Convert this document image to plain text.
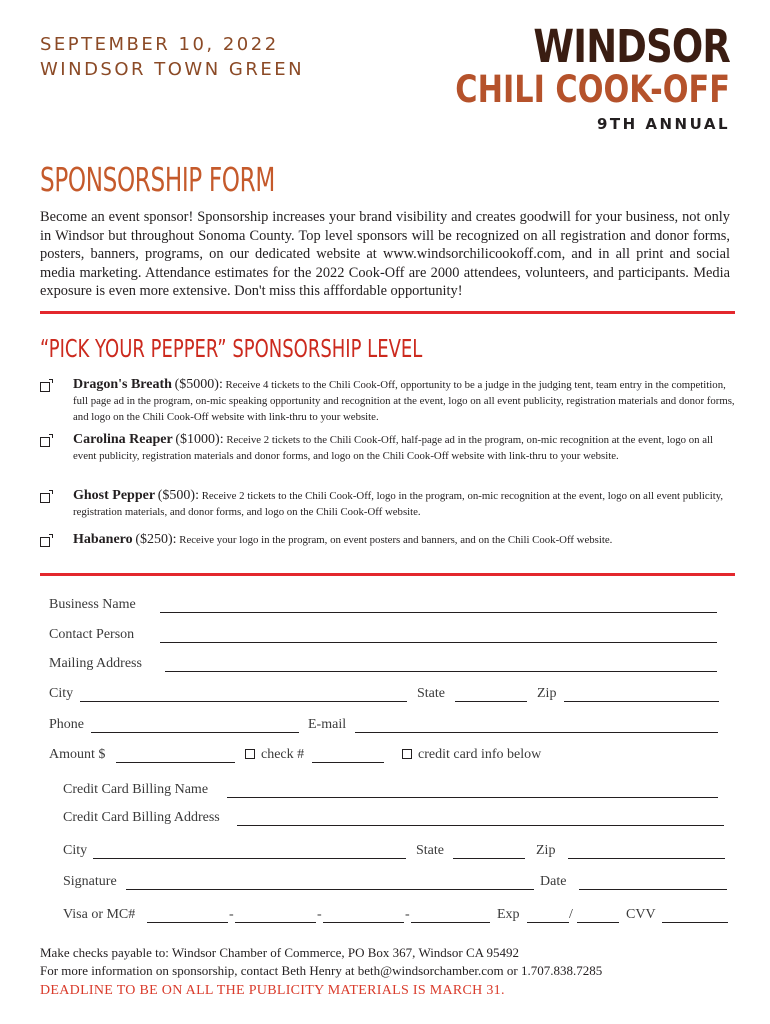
SEPTEMBER 10, 2022
WINDSOR TOWN GREEN	WINDSOR
CHILI COOK-OFF
9TH ANNUAL
SPONSORSHIP FORM
Become an event sponsor! Sponsorship increases your brand visibility and creates goodwill for your business, not only in Windsor but throughout Sonoma County. Top level sponsors will be recognized on all registration and donor forms, posters, banners, programs, on our dedicated website at www.windsorchilicookoff.com, and in all print and social media marketing. Attendance estimates for the 2022 Cook-Off are 2000 attendees, volunteers, and participants. Media exposure is even more extensive. Don't miss this afffordable opportunity!
“PICK YOUR PEPPER” SPONSORSHIP LEVEL
Dragon's Breath ($5000): Receive 4 tickets to the Chili Cook-Off, opportunity to be a judge in the judging tent, team entry in the competition, full page ad in the program, on-mic speaking opportunity and recognition at the event, logo on all event publicity, registration materials and donor forms, and logo on the Chili Cook-Off website with link-thru to your website.
Carolina Reaper ($1000): Receive 2 tickets to the Chili Cook-Off, half-page ad in the program, on-mic recognition at the event, logo on all event publicity, registration materials and donor forms, and logo on the Chili Cook-Off website with link-thru to your website.
Ghost Pepper ($500): Receive 2 tickets to the Chili Cook-Off, logo in the program, on-mic recognition at the event, logo on all event publicity, registration materials, and donor forms, and logo on the Chili Cook-Off website.
Habanero ($250): Receive your logo in the program, on event posters and banners, and on the Chili Cook-Off website.
Business Name
Contact Person
Mailing Address
City	State	Zip
Phone	E-mail
Amount $	check #	credit card info below
Credit Card Billing Name
Credit Card Billing Address
City	State	Zip
Signature	Date
Visa or MC#	-	-	-	Exp	/	CVV
Make checks payable to: Windsor Chamber of Commerce, PO Box 367, Windsor CA 95492
For more information on sponsorship, contact Beth Henry at beth@windsorchamber.com or 1.707.838.7285
DEADLINE TO BE ON ALL THE PUBLICITY MATERIALS IS MARCH 31.
